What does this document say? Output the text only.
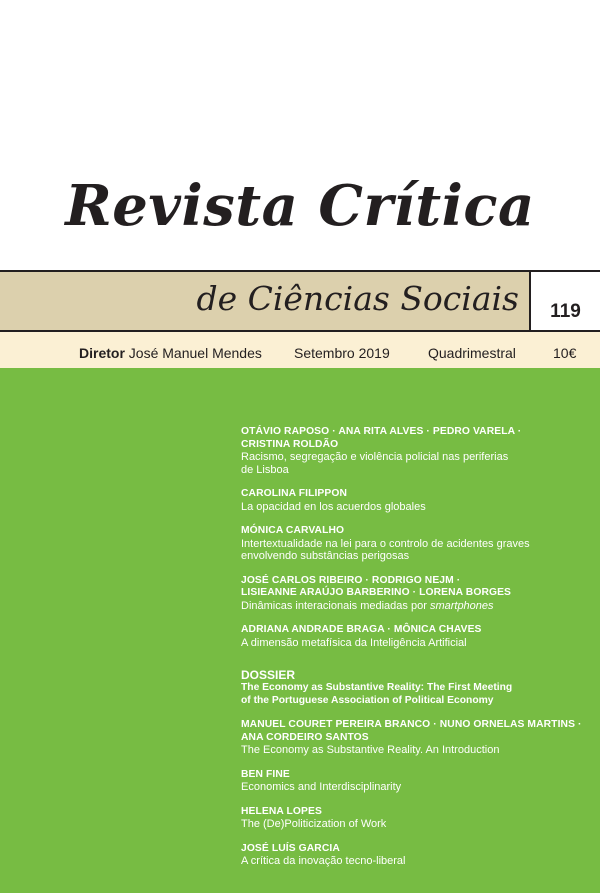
Revista Crítica
de Ciências Sociais	119
Diretor José Manuel Mendes Setembro 2019	Quadrimestral	10€
OTÁVIO RAPOSO · ANA RITA ALVES · PEDRO VARELA ·
CRISTINA ROLDÃO
Racismo, segregação e violência policial nas periferias
de Lisboa
CAROLINA FILIPPON
La opacidad en los acuerdos globales
MÓNICA CARVALHO
Intertextualidade na lei para o controlo de acidentes graves
envolvendo substâncias perigosas
JOSÉ CARLOS RIBEIRO · RODRIGO NEJM ·
LISIEANNE ARAÚJO BARBERINO · LORENA BORGES
Dinâmicas interacionais mediadas por smartphones
ADRIANA ANDRADE BRAGA · MÔNICA CHAVES
A dimensão metafísica da Inteligência Artificial
DOSSIER
The Economy as Substantive Reality: The First Meeting
of the Portuguese Association of Political Economy
MANUEL COURET PEREIRA BRANCO · NUNO ORNELAS MARTINS ·
ANA CORDEIRO SANTOS
The Economy as Substantive Reality. An Introduction
BEN FINE
Economics and Interdisciplinarity
HELENA LOPES
The (De)Politicization of Work
JOSÉ LUÍS GARCIA
A crítica da inovação tecno-liberal
